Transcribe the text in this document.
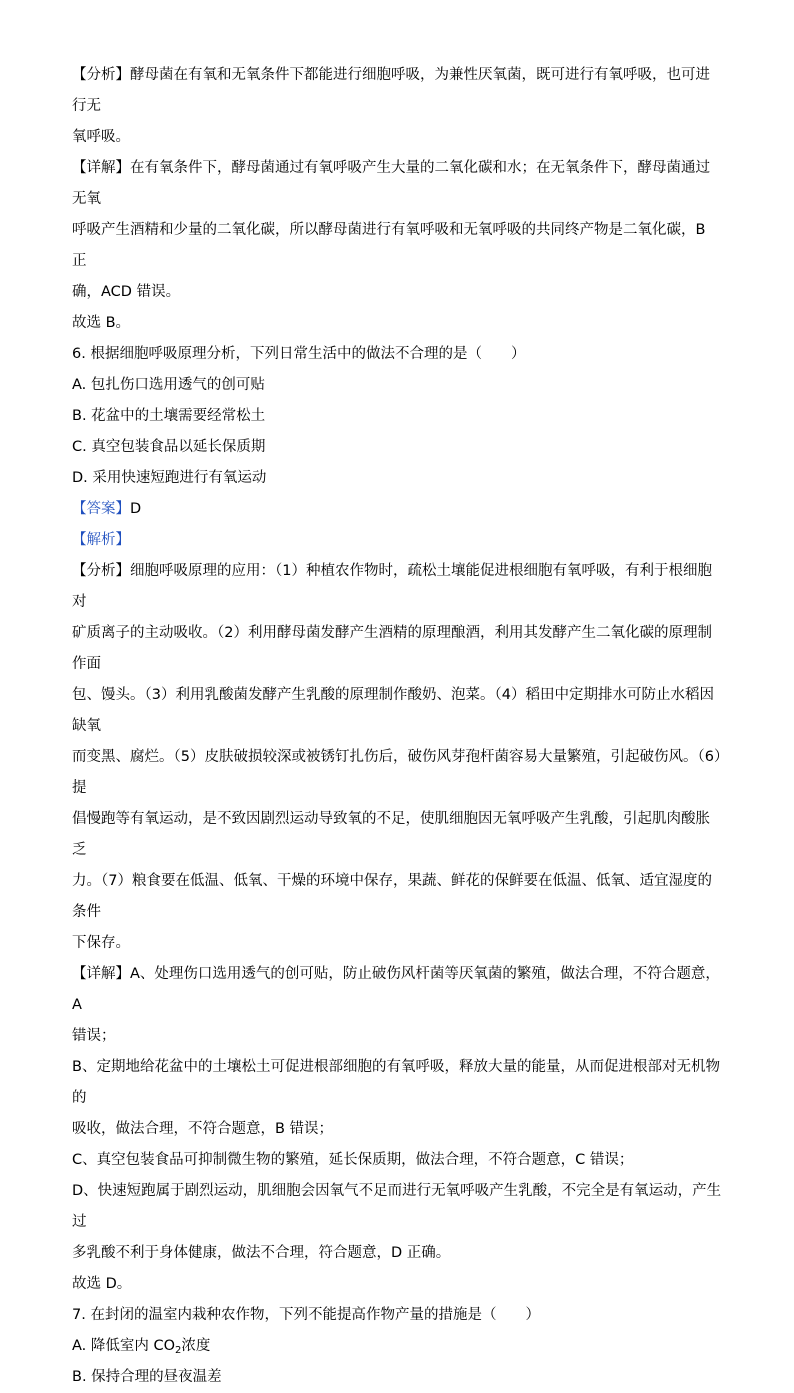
【分析】酵母菌在有氧和无氧条件下都能进行细胞呼吸，为兼性厌氧菌，既可进行有氧呼吸，也可进行无
氧呼吸。

【详解】在有氧条件下，酵母菌通过有氧呼吸产生大量的二氧化碳和水；在无氧条件下，酵母菌通过无氧
呼吸产生酒精和少量的二氧化碳，所以酵母菌进行有氧呼吸和无氧呼吸的共同终产物是二氧化碳，B 正
确，ACD 错误。

故选 B。

6. 根据细胞呼吸原理分析，下列日常生活中的做法不合理的是（　　）

A. 包扎伤口选用透气的创可贴

B. 花盆中的土壤需要经常松土

C. 真空包装食品以延长保质期

D. 采用快速短跑进行有氧运动

【答案】D

【解析】

【分析】细胞呼吸原理的应用：（1）种植农作物时，疏松土壤能促进根细胞有氧呼吸，有利于根细胞对
矿质离子的主动吸收。（2）利用酵母菌发酵产生酒精的原理酿酒，利用其发酵产生二氧化碳的原理制作面
包、馒头。（3）利用乳酸菌发酵产生乳酸的原理制作酸奶、泡菜。（4）稻田中定期排水可防止水稻因缺氧
而变黑、腐烂。（5）皮肤破损较深或被锈钉扎伤后，破伤风芽孢杆菌容易大量繁殖，引起破伤风。（6）提
倡慢跑等有氧运动，是不致因剧烈运动导致氧的不足，使肌细胞因无氧呼吸产生乳酸，引起肌肉酸胀乏
力。（7）粮食要在低温、低氧、干燥的环境中保存，果蔬、鲜花的保鲜要在低温、低氧、适宜湿度的条件
下保存。

【详解】A、处理伤口选用透气的创可贴，防止破伤风杆菌等厌氧菌的繁殖，做法合理，不符合题意，A
错误；

B、定期地给花盆中的土壤松土可促进根部细胞的有氧呼吸，释放大量的能量，从而促进根部对无机物的
吸收，做法合理，不符合题意，B 错误；

C、真空包装食品可抑制微生物的繁殖，延长保质期，做法合理，不符合题意，C 错误；

D、快速短跑属于剧烈运动，肌细胞会因氧气不足而进行无氧呼吸产生乳酸，不完全是有氧运动，产生过
多乳酸不利于身体健康，做法不合理，符合题意，D 正确。

故选 D。

7. 在封闭的温室内栽种农作物，下列不能提高作物产量的措施是（　　）

A. 降低室内 $CO_2$浓度

B. 保持合理的昼夜温差
